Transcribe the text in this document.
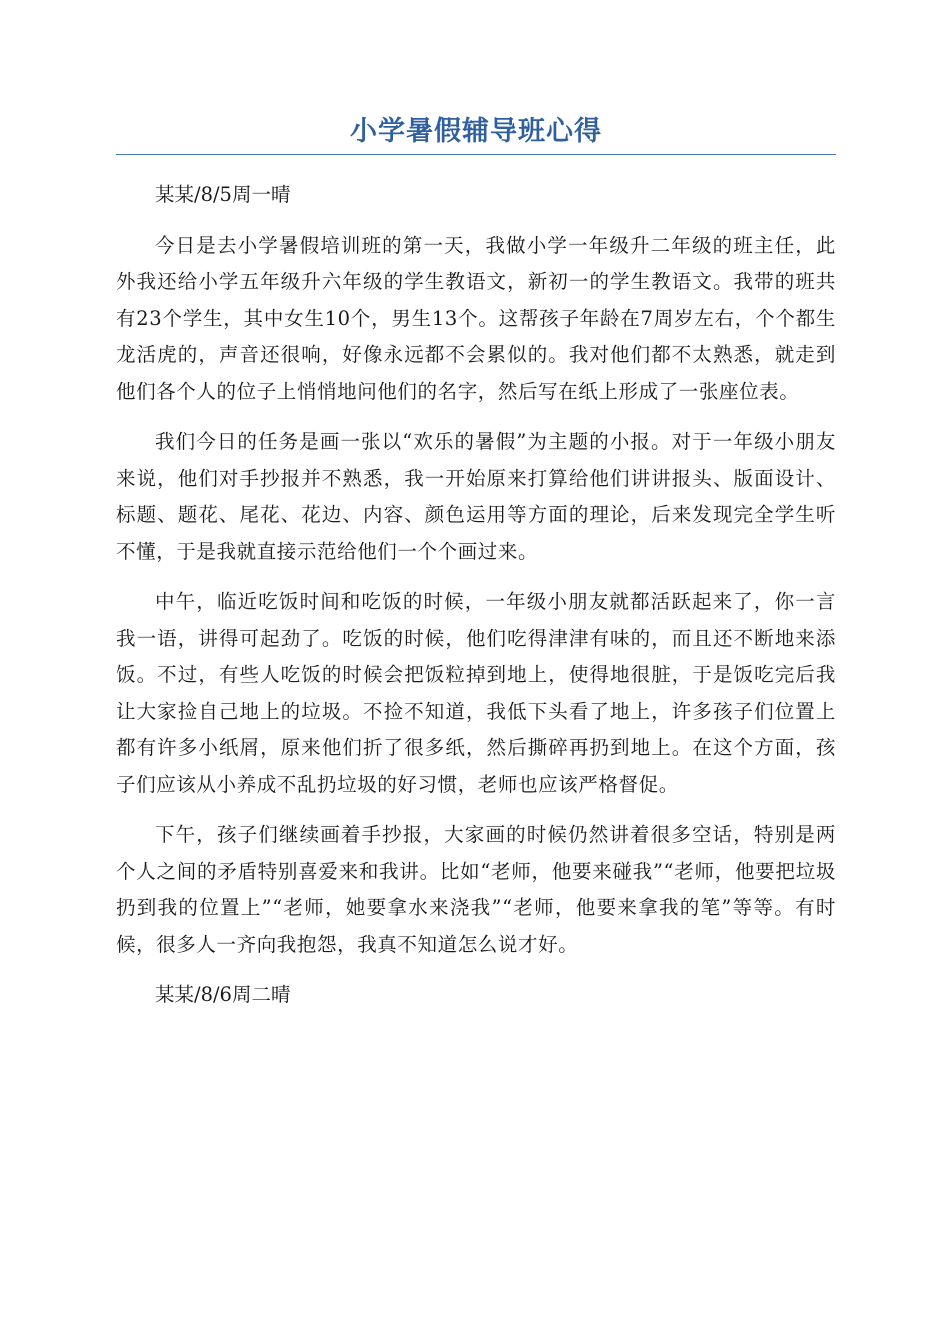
小学暑假辅导班心得

某某/8/5周一晴

今日是去小学暑假培训班的第一天，我做小学一年级升二年级的班主任，此外我还给小学五年级升六年级的学生教语文，新初一的学生教语文。我带的班共有23个学生，其中女生10个，男生13个。这帮孩子年龄在7周岁左右，个个都生龙活虎的，声音还很响，好像永远都不会累似的。我对他们都不太熟悉，就走到他们各个人的位子上悄悄地问他们的名字，然后写在纸上形成了一张座位表。

我们今日的任务是画一张以“欢乐的暑假”为主题的小报。对于一年级小朋友来说，他们对手抄报并不熟悉，我一开始原来打算给他们讲讲报头、版面设计、标题、题花、尾花、花边、内容、颜色运用等方面的理论，后来发现完全学生听不懂，于是我就直接示范给他们一个个画过来。

中午，临近吃饭时间和吃饭的时候，一年级小朋友就都活跃起来了，你一言我一语，讲得可起劲了。吃饭的时候，他们吃得津津有味的，而且还不断地来添饭。不过，有些人吃饭的时候会把饭粒掉到地上，使得地很脏，于是饭吃完后我让大家捡自己地上的垃圾。不捡不知道，我低下头看了地上，许多孩子们位置上都有许多小纸屑，原来他们折了很多纸，然后撕碎再扔到地上。在这个方面，孩子们应该从小养成不乱扔垃圾的好习惯，老师也应该严格督促。

下午，孩子们继续画着手抄报，大家画的时候仍然讲着很多空话，特别是两个人之间的矛盾特别喜爱来和我讲。比如“老师，他要来碰我”“老师，他要把垃圾扔到我的位置上”“老师，她要拿水来浇我”“老师，他要来拿我的笔”等等。有时候，很多人一齐向我抱怨，我真不知道怎么说才好。

某某/8/6周二晴
